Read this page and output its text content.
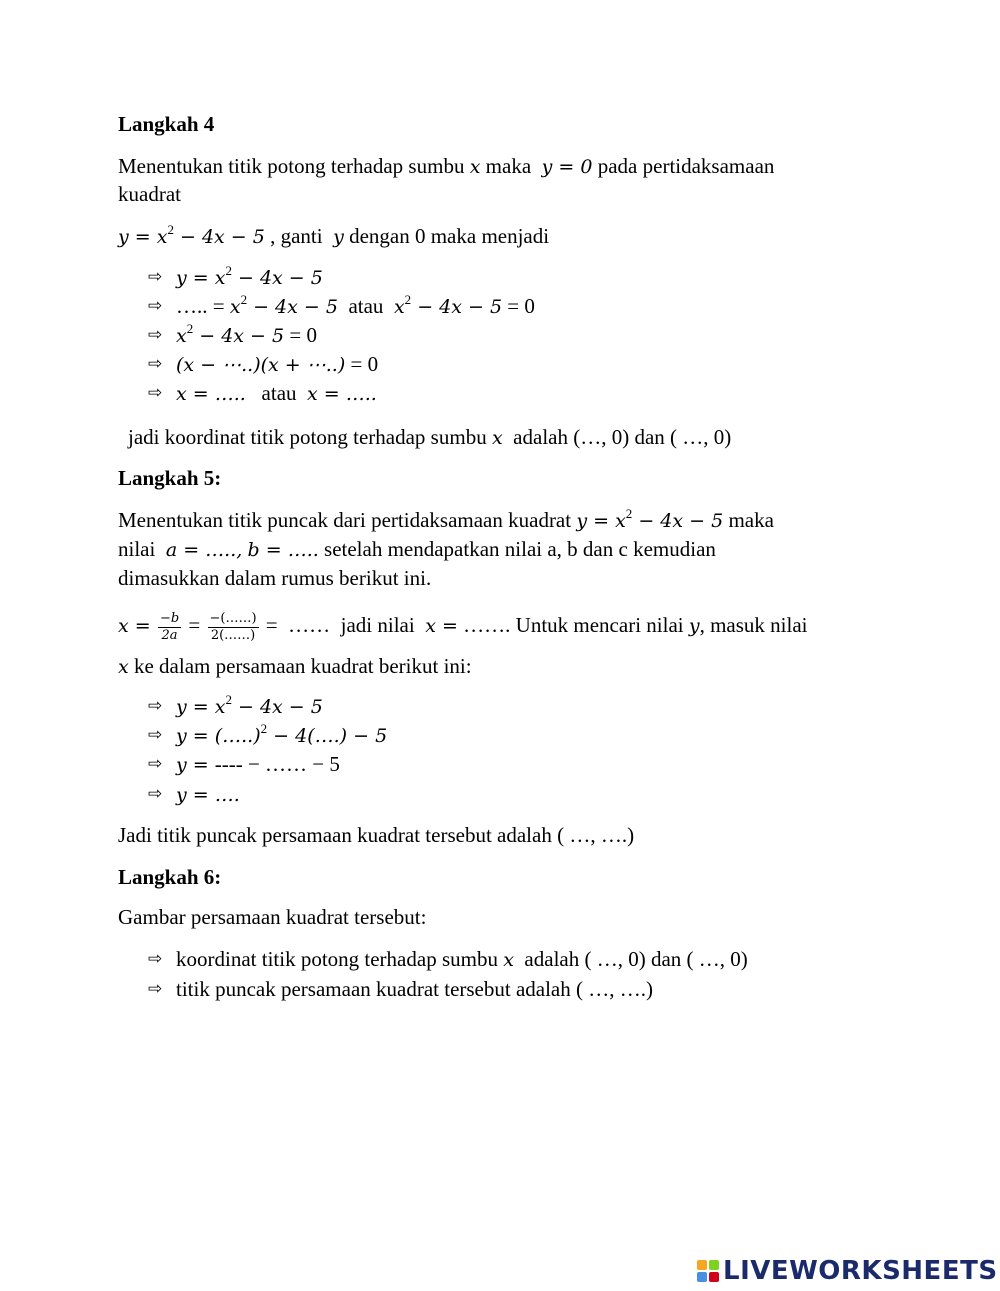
Langkah 4
Menentukan titik potong terhadap sumbu x maka y = 0 pada pertidaksamaan
kuadrat
$y = x^2 - 4x - 5$ , ganti y dengan 0 maka menjadi
⇨ $y = x^2 - 4x - 5$
⇨ ….. = $x^2 - 4x - 5$ atau $x^2 - 4x - 5 = 0$
⇨ $x^2 - 4x - 5 = 0$
⇨ (x − ⋯..)(x + ⋯..) = 0
⇨ x = ….. atau x = …..
jadi koordinat titik potong terhadap sumbu x adalah (…, 0) dan ( …, 0)
Langkah 5:
Menentukan titik puncak dari pertidaksamaan kuadrat $y = x^2 - 4x - 5$ maka
nilai a = ….., b = ….. setelah mendapatkan nilai a, b dan c kemudian
dimasukkan dalam rumus berikut ini.
$x = \frac{-b}{2a} = \frac{-(\dots\dots)}{2(\dots\dots)}$ = …… jadi nilai x = ……. Untuk mencari nilai y, masuk nilai
x ke dalam persamaan kuadrat berikut ini:
⇨ $y = x^2 - 4x - 5$
⇨ y = (…..)$^2$ − 4(….) − 5
⇨ y = ---- − …… − 5
⇨ y = ….
Jadi titik puncak persamaan kuadrat tersebut adalah ( …, ….)
Langkah 6:
Gambar persamaan kuadrat tersebut:
⇨ koordinat titik potong terhadap sumbu x adalah ( …, 0) dan ( …, 0)
⇨ titik puncak persamaan kuadrat tersebut adalah ( …, ….)
LIVEWORKSHEETS
